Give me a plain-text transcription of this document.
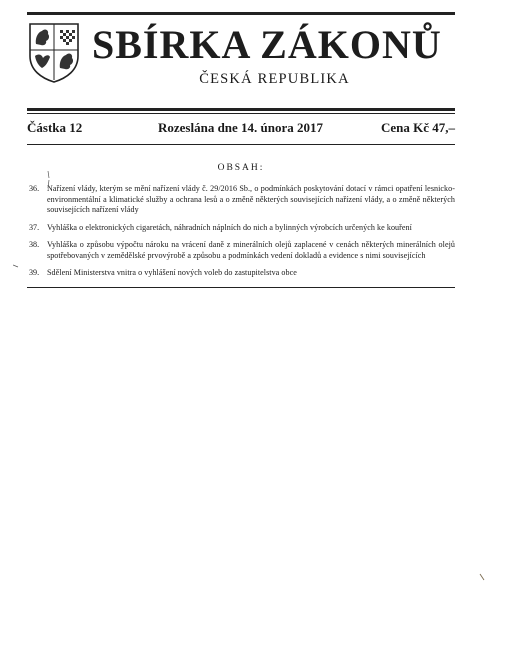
SBÍRKA ZÁKONŮ
ČESKÁ REPUBLIKA
Částka 12	Rozeslána dne 14. února 2017	Cena Kč 47,–
OBSAH:
36. Nařízení vlády, kterým se mění nařízení vlády č. 29/2016 Sb., o podmínkách poskytování dotací v rámci opatření lesnicko-environmentální a klimatické služby a ochrana lesů a o změně některých souvisejících nařízení vlády, a o změně některých souvisejících nařízení vlády
37. Vyhláška o elektronických cigaretách, náhradních náplních do nich a bylinných výrobcích určených ke kouření
38. Vyhláška o způsobu výpočtu nároku na vrácení daně z minerálních olejů zaplacené v cenách některých minerálních olejů spotřebovaných v zemědělské prvovýrobě a způsobu a podmínkách vedení dokladů a evidence s nimi souvisejících
39. Sdělení Ministerstva vnitra o vyhlášení nových voleb do zastupitelstva obce
